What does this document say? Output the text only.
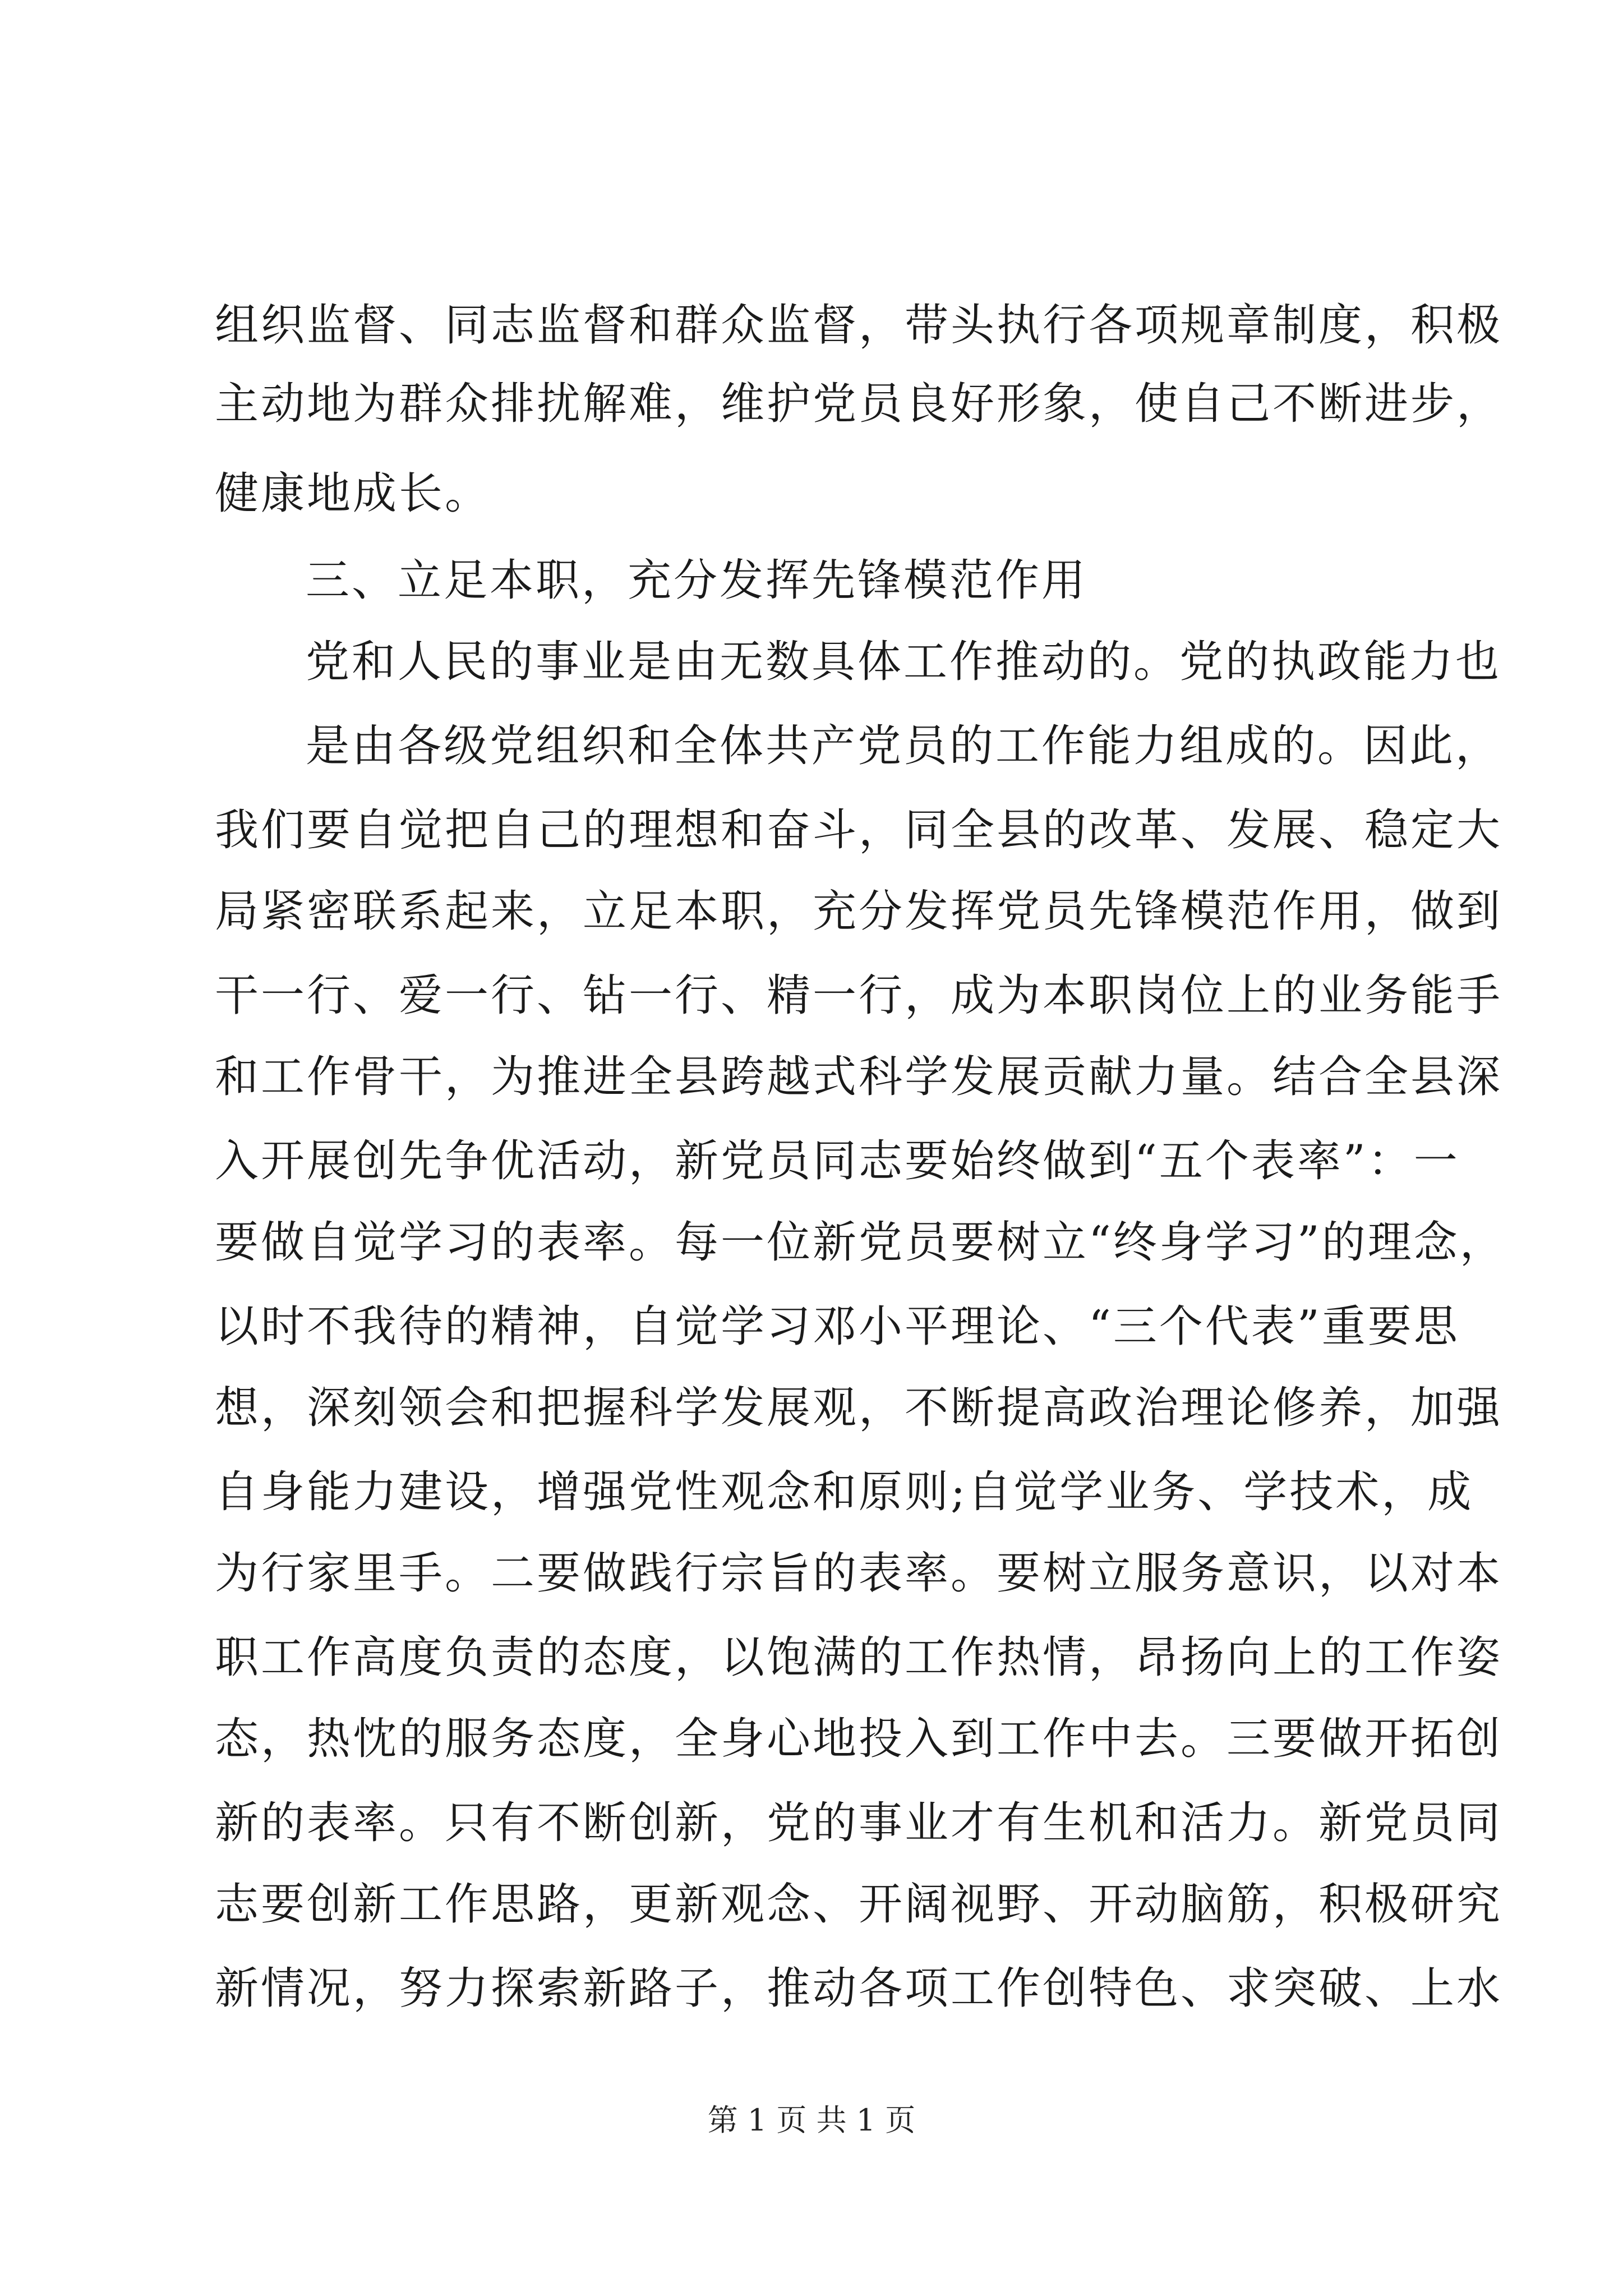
组织监督、同志监督和群众监督，带头执行各项规章制度，积极
主动地为群众排扰解难，维护党员良好形象，使自己不断进步，
健康地成长。
三、立足本职，充分发挥先锋模范作用
党和人民的事业是由无数具体工作推动的。党的执政能力也
是由各级党组织和全体共产党员的工作能力组成的。因此，
我们要自觉把自己的理想和奋斗，同全县的改革、发展、稳定大
局紧密联系起来，立足本职，充分发挥党员先锋模范作用，做到
干一行、爱一行、钻一行、精一行，成为本职岗位上的业务能手
和工作骨干，为推进全县跨越式科学发展贡献力量。结合全县深
入开展创先争优活动，新党员同志要始终做到“五个表率”：一
要做自觉学习的表率。每一位新党员要树立“终身学习”的理念，
以时不我待的精神，自觉学习邓小平理论、“三个代表”重要思
想，深刻领会和把握科学发展观，不断提高政治理论修养，加强
自身能力建设，增强党性观念和原则;自觉学业务、学技术，成
为行家里手。二要做践行宗旨的表率。要树立服务意识，以对本
职工作高度负责的态度，以饱满的工作热情，昂扬向上的工作姿
态，热忱的服务态度，全身心地投入到工作中去。三要做开拓创
新的表率。只有不断创新，党的事业才有生机和活力。新党员同
志要创新工作思路，更新观念、开阔视野、开动脑筋，积极研究
新情况，努力探索新路子，推动各项工作创特色、求突破、上水
第 1 页 共 1 页
